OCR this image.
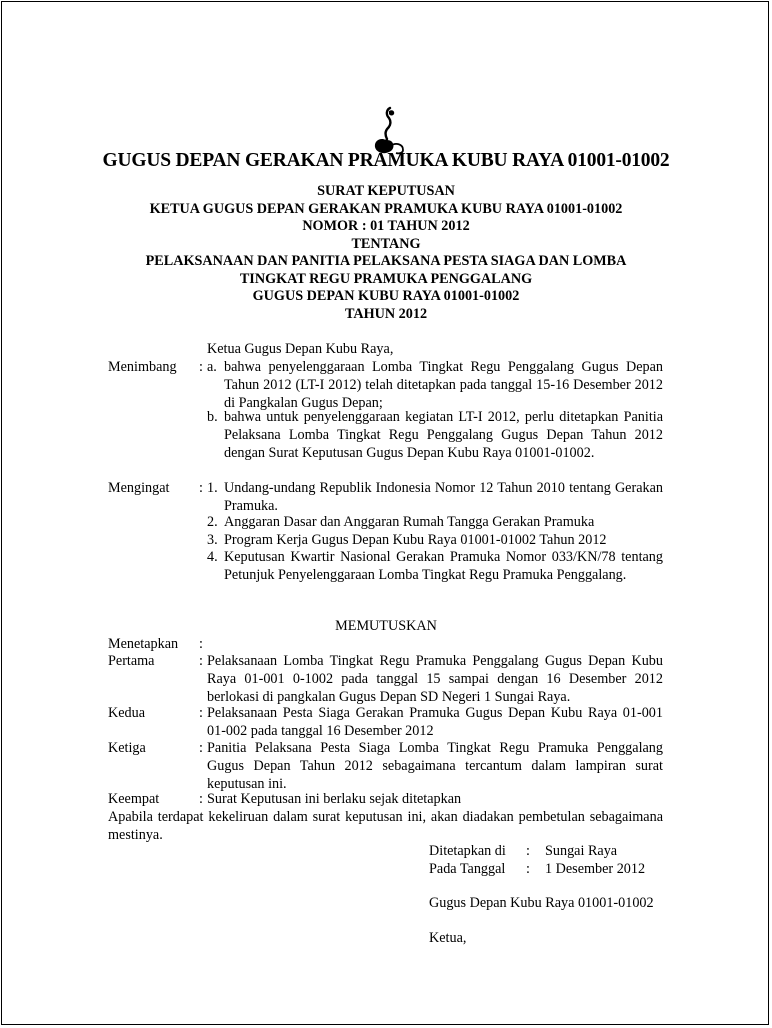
GUGUS DEPAN GERAKAN PRAMUKA KUBU RAYA 01001-01002
SURAT KEPUTUSAN
KETUA GUGUS DEPAN GERAKAN PRAMUKA KUBU RAYA 01001-01002
NOMOR : 01 TAHUN 2012
TENTANG
PELAKSANAAN DAN PANITIA PELAKSANA PESTA SIAGA DAN LOMBA
TINGKAT REGU PRAMUKA PENGGALANG
GUGUS DEPAN KUBU RAYA 01001-01002
TAHUN 2012
Ketua Gugus Depan Kubu Raya,
Menimbang : a. bahwa penyelenggaraan Lomba Tingkat Regu Penggalang Gugus Depan Tahun 2012 (LT-I 2012) telah ditetapkan pada tanggal 15-16 Desember 2012 di Pangkalan Gugus Depan;
b. bahwa untuk penyelenggaraan kegiatan LT-I 2012, perlu ditetapkan Panitia Pelaksana Lomba Tingkat Regu Penggalang Gugus Depan Tahun 2012 dengan Surat Keputusan Gugus Depan Kubu Raya 01001-01002.
Mengingat : 1. Undang-undang Republik Indonesia Nomor 12 Tahun 2010 tentang Gerakan Pramuka.
2. Anggaran Dasar dan Anggaran Rumah Tangga Gerakan Pramuka
3. Program Kerja Gugus Depan Kubu Raya 01001-01002 Tahun 2012
4. Keputusan Kwartir Nasional Gerakan Pramuka Nomor 033/KN/78 tentang Petunjuk Penyelenggaraan Lomba Tingkat Regu Pramuka Penggalang.
MEMUTUSKAN
Menetapkan :
Pertama	: Pelaksanaan Lomba Tingkat Regu Pramuka Penggalang Gugus Depan Kubu Raya 01-001 0-1002 pada tanggal 15 sampai dengan 16 Desember 2012 berlokasi di pangkalan Gugus Depan SD Negeri 1 Sungai Raya.
Kedua	: Pelaksanaan Pesta Siaga Gerakan Pramuka Gugus Depan Kubu Raya 01-001 01-002 pada tanggal 16 Desember 2012
Ketiga	: Panitia Pelaksana Pesta Siaga Lomba Tingkat Regu Pramuka Penggalang Gugus Depan Tahun 2012 sebagaimana tercantum dalam lampiran surat keputusan ini.
Keempat	: Surat Keputusan ini berlaku sejak ditetapkan
Apabila terdapat kekeliruan dalam surat keputusan ini, akan diadakan pembetulan sebagaimana mestinya.
Ditetapkan di : Sungai Raya
Pada Tanggal : 1 Desember 2012
Gugus Depan Kubu Raya 01001-01002
Ketua,
